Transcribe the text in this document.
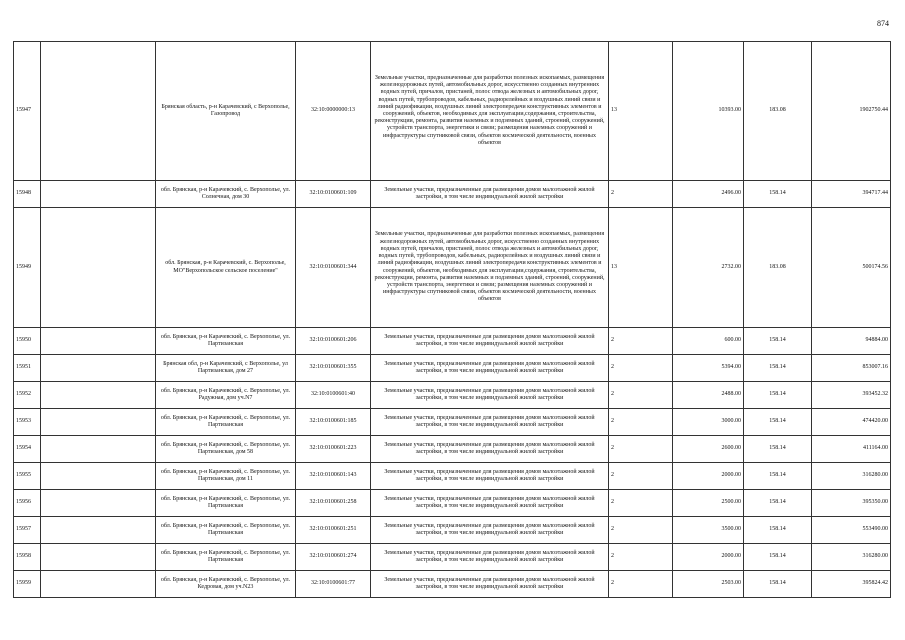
874
15947		Брянская область, р-н Карачевский, с Верхополье, Газопровод	32:10:0000000:13	Земельные участки, предназначенные для разработки полезных ископаемых, размещения железнодорожных путей, автомобильных дорог, искусственно созданных внутренних водных путей, причалов, пристаней, полос отвода железных и автомобильных дорог, водных путей, трубопроводов, кабельных, радиорелейных и воздушных линий связи и линий радиофикации, воздушных линий электропередачи конструктивных элементов и сооружений, объектов, необходимых для эксплуатации,содержания, строительства, реконструкции, ремонта, развития наземных и подземных зданий, строений, сооружений, устройств транспорта, энергетики и связи; размещения наземных сооружений и инфраструктуры спутниковой связи, объектов космической деятельности, военных объектов	13	10393.00	183.08	1902750.44
15948		обл. Брянская, р-н Карачевский, с. Верхополье, ул. Солнечная, дом 30	32:10:0100601:109	Земельные участки, предназначенные для размещения домов малоэтажной жилой застройки, в том числе индивидуальной жилой застройки	2	2496.00	158.14	394717.44
15949		обл. Брянская, р-н Карачевский, с. Верхополье, МО"Верхопольское сельское поселение"	32:10:0100601:344	Земельные участки, предназначенные для разработки полезных ископаемых, размещения железнодорожных путей, автомобильных дорог, искусственно созданных внутренних водных путей, причалов, пристаней, полос отвода железных и автомобильных дорог, водных путей, трубопроводов, кабельных, радиорелейных и воздушных линий связи и линий радиофикации, воздушных линий электропередачи конструктивных элементов и сооружений, объектов, необходимых для эксплуатации,содержания, строительства, реконструкции, ремонта, развития наземных и подземных зданий, строений, сооружений, устройств транспорта, энергетики и связи; размещения наземных сооружений и инфраструктуры спутниковой связи, объектов космической деятельности, военных объектов	13	2732.00	183.08	500174.56
15950		обл. Брянская, р-н Карачевский, с. Верхополье, ул. Партизанская	32:10:0100601:206	Земельные участки, предназначенные для размещения домов малоэтажной жилой застройки, в том числе индивидуальной жилой застройки	2	600.00	158.14	94884.00
15951		Брянская обл, р-н Карачевский, с Верхополье, ул Партизанская, дом 27	32:10:0100601:355	Земельные участки, предназначенные для размещения домов малоэтажной жилой застройки, в том числе индивидуальной жилой застройки	2	5394.00	158.14	853007.16
15952		обл. Брянская, р-н Карачевский, с. Верхополье, ул. Радужная, дом уч.N7	32:10:0100601:40	Земельные участки, предназначенные для размещения домов малоэтажной жилой застройки, в том числе индивидуальной жилой застройки	2	2488.00	158.14	393452.32
15953		обл. Брянская, р-н Карачевский, с. Верхополье, ул. Партизанская	32:10:0100601:185	Земельные участки, предназначенные для размещения домов малоэтажной жилой застройки, в том числе индивидуальной жилой застройки	2	3000.00	158.14	474420.00
15954		обл. Брянская, р-н Карачевский, с. Верхополье, ул. Партизанская, дом 58	32:10:0100601:223	Земельные участки, предназначенные для размещения домов малоэтажной жилой застройки, в том числе индивидуальной жилой застройки	2	2600.00	158.14	411164.00
15955		обл. Брянская, р-н Карачевский, с. Верхополье, ул. Партизанская, дом 11	32:10:0100601:143	Земельные участки, предназначенные для размещения домов малоэтажной жилой застройки, в том числе индивидуальной жилой застройки	2	2000.00	158.14	316280.00
15956		обл. Брянская, р-н Карачевский, с. Верхополье, ул. Партизанская	32:10:0100601:258	Земельные участки, предназначенные для размещения домов малоэтажной жилой застройки, в том числе индивидуальной жилой застройки	2	2500.00	158.14	395350.00
15957		обл. Брянская, р-н Карачевский, с. Верхополье, ул. Партизанская	32:10:0100601:251	Земельные участки, предназначенные для размещения домов малоэтажной жилой застройки, в том числе индивидуальной жилой застройки	2	3500.00	158.14	553490.00
15958		обл. Брянская, р-н Карачевский, с. Верхополье, ул. Партизанская	32:10:0100601:274	Земельные участки, предназначенные для размещения домов малоэтажной жилой застройки, в том числе индивидуальной жилой застройки	2	2000.00	158.14	316280.00
15959		обл. Брянская, р-н Карачевский, с. Верхополье, ул. Кедровая, дом уч.N23	32:10:0100601:77	Земельные участки, предназначенные для размещения домов малоэтажной жилой застройки, в том числе индивидуальной жилой застройки	2	2503.00	158.14	395824.42
